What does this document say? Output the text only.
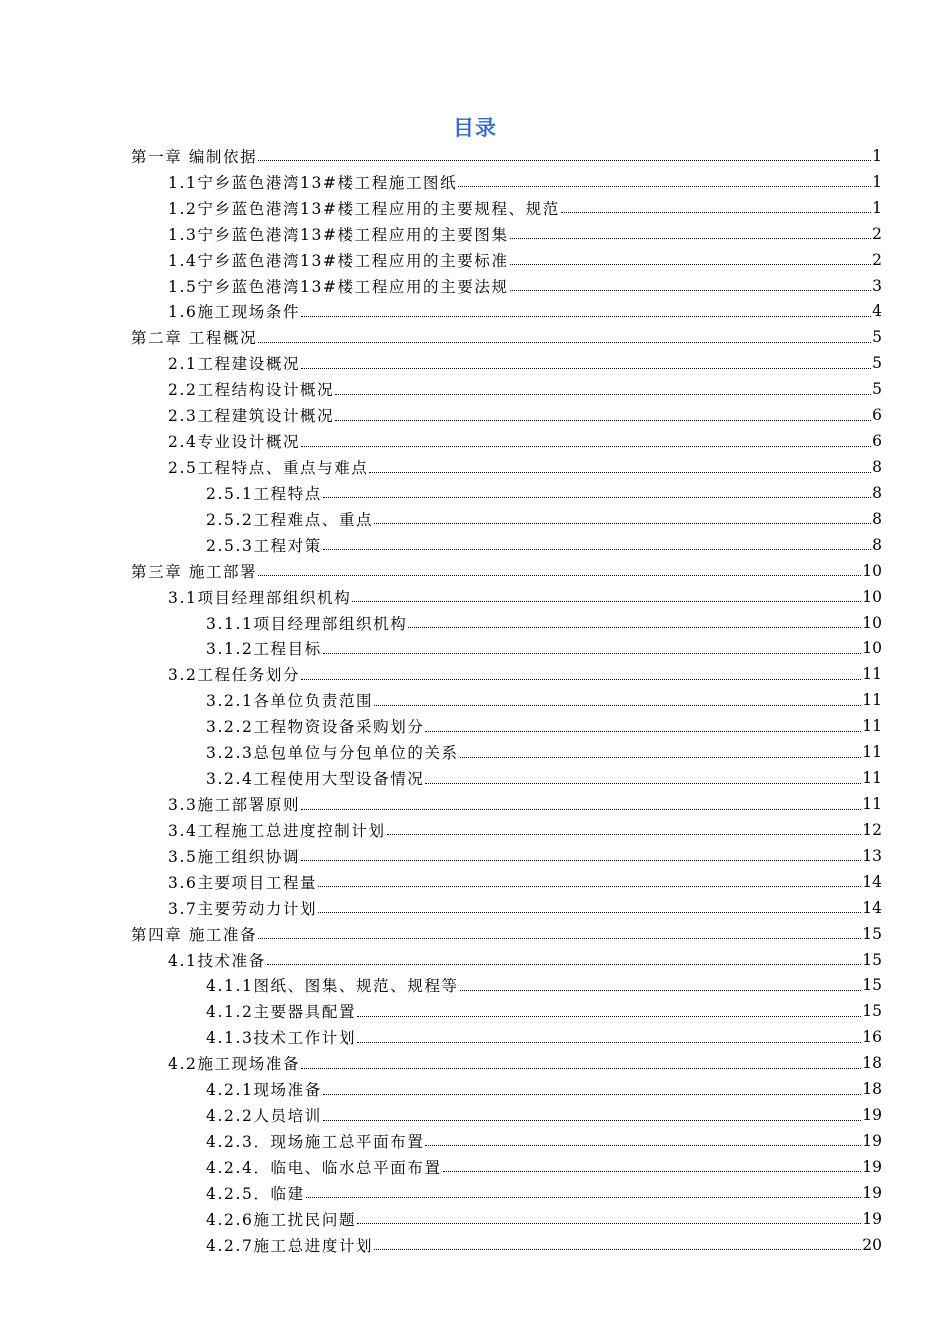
目录
第一章 编制依据	1
1.1宁乡蓝色港湾13#楼工程施工图纸	1
1.2宁乡蓝色港湾13#楼工程应用的主要规程、规范	1
1.3宁乡蓝色港湾13#楼工程应用的主要图集	2
1.4宁乡蓝色港湾13#楼工程应用的主要标准	2
1.5宁乡蓝色港湾13#楼工程应用的主要法规	3
1.6施工现场条件	4
第二章 工程概况	5
2.1工程建设概况	5
2.2工程结构设计概况	5
2.3工程建筑设计概况	6
2.4专业设计概况	6
2.5工程特点、重点与难点	8
2.5.1工程特点	8
2.5.2工程难点、重点	8
2.5.3工程对策	8
第三章 施工部署	10
3.1项目经理部组织机构	10
3.1.1项目经理部组织机构	10
3.1.2工程目标	10
3.2工程任务划分	11
3.2.1各单位负责范围	11
3.2.2工程物资设备采购划分	11
3.2.3总包单位与分包单位的关系	11
3.2.4工程使用大型设备情况	11
3.3施工部署原则	11
3.4工程施工总进度控制计划	12
3.5施工组织协调	13
3.6主要项目工程量	14
3.7主要劳动力计划	14
第四章 施工准备	15
4.1技术准备	15
4.1.1图纸、图集、规范、规程等	15
4.1.2主要器具配置	15
4.1.3技术工作计划	16
4.2施工现场准备	18
4.2.1现场准备	18
4.2.2人员培训	19
4.2.3．现场施工总平面布置	19
4.2.4．临电、临水总平面布置	19
4.2.5．临建	19
4.2.6施工扰民问题	19
4.2.7施工总进度计划	20
